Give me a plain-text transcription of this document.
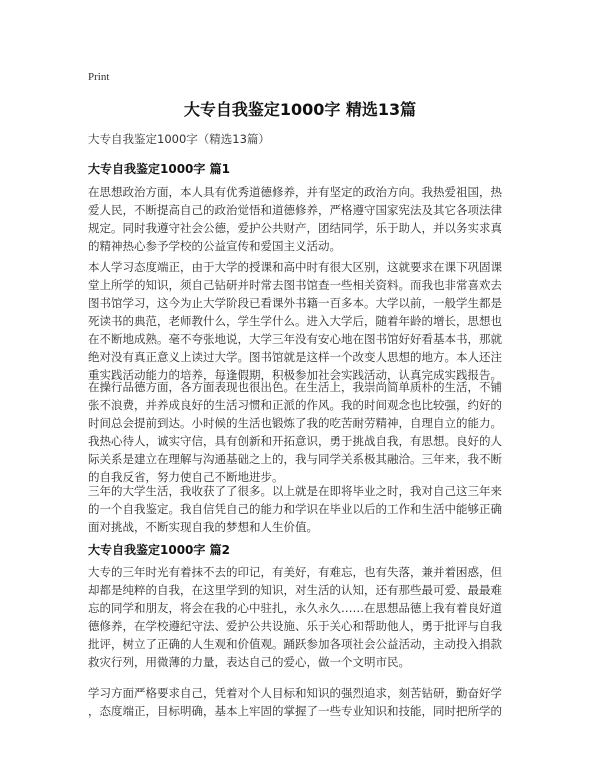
Print
大专自我鉴定1000字 精选13篇

大专自我鉴定1000字（精选13篇）

大专自我鉴定1000字 篇1
在思想政治方面，本人具有优秀道德修养，并有坚定的政治方向。我热爱祖国，热
爱人民，不断提高自己的政治觉悟和道德修养，严格遵守国家宪法及其它各项法律
规定。同时我遵守社会公德，爱护公共财产，团结同学，乐于助人，并以务实求真
的精神热心参予学校的公益宣传和爱国主义活动。
本人学习态度端正，由于大学的授课和高中时有很大区别，这就要求在课下巩固课
堂上所学的知识，须自己钻研并时常去图书馆查一些相关资料。而我也非常喜欢去
图书馆学习，这今为止大学阶段已看课外书籍一百多本。大学以前，一般学生都是
死读书的典范，老师教什么，学生学什么。进入大学后，随着年龄的增长，思想也
在不断地成熟。毫不夸张地说，大学三年没有安心地在图书馆好好看基本书，那就
绝对没有真正意义上读过大学。图书馆就是这样一个改变人思想的地方。本人还注
重实践活动能力的培养，每逢假期，积极参加社会实践活动，认真完成实践报告。
在操行品德方面，各方面表现也很出色。在生活上，我崇尚简单质朴的生活，不铺
张不浪费，并养成良好的生活习惯和正派的作风。我的时间观念也比较强，约好的
时间总会提前到达。小时候的生活也锻炼了我的吃苦耐劳精神，自理自立的能力。
我热心待人，诚实守信，具有创新和开拓意识，勇于挑战自我，有思想。良好的人
际关系是建立在理解与沟通基础之上的，我与同学关系极其融洽。三年来，我不断
的自我反省，努力使自己不断地进步。
三年的大学生活，我收获了了很多。以上就是在即将毕业之时，我对自己这三年来
的一个自我鉴定。我自信凭自己的能力和学识在毕业以后的工作和生活中能够正确
面对挑战，不断实现自我的梦想和人生价值。
大专自我鉴定1000字 篇2
大专的三年时光有着抹不去的印记，有美好，有难忘，也有失落，兼并着困惑，但
却都是纯粹的自我，在这里学到的知识，对生活的认知，还有那些最可爱、最最难
忘的同学和朋友，将会在我的心中驻扎，永久永久……在思想品德上我有着良好道
德修养，在学校遵纪守法、爱护公共设施、乐于关心和帮助他人，勇于批评与自我
批评，树立了正确的人生观和价值观。踊跃参加各项社会公益活动，主动投入捐款
救灾行列，用微薄的力量，表达自己的爱心，做一个文明市民。
学习方面严格要求自己，凭着对个人目标和知识的强烈追求，刻苦钻研，勤奋好学
，态度端正，目标明确，基本上牢固的掌握了一些专业知识和技能，同时把所学的
